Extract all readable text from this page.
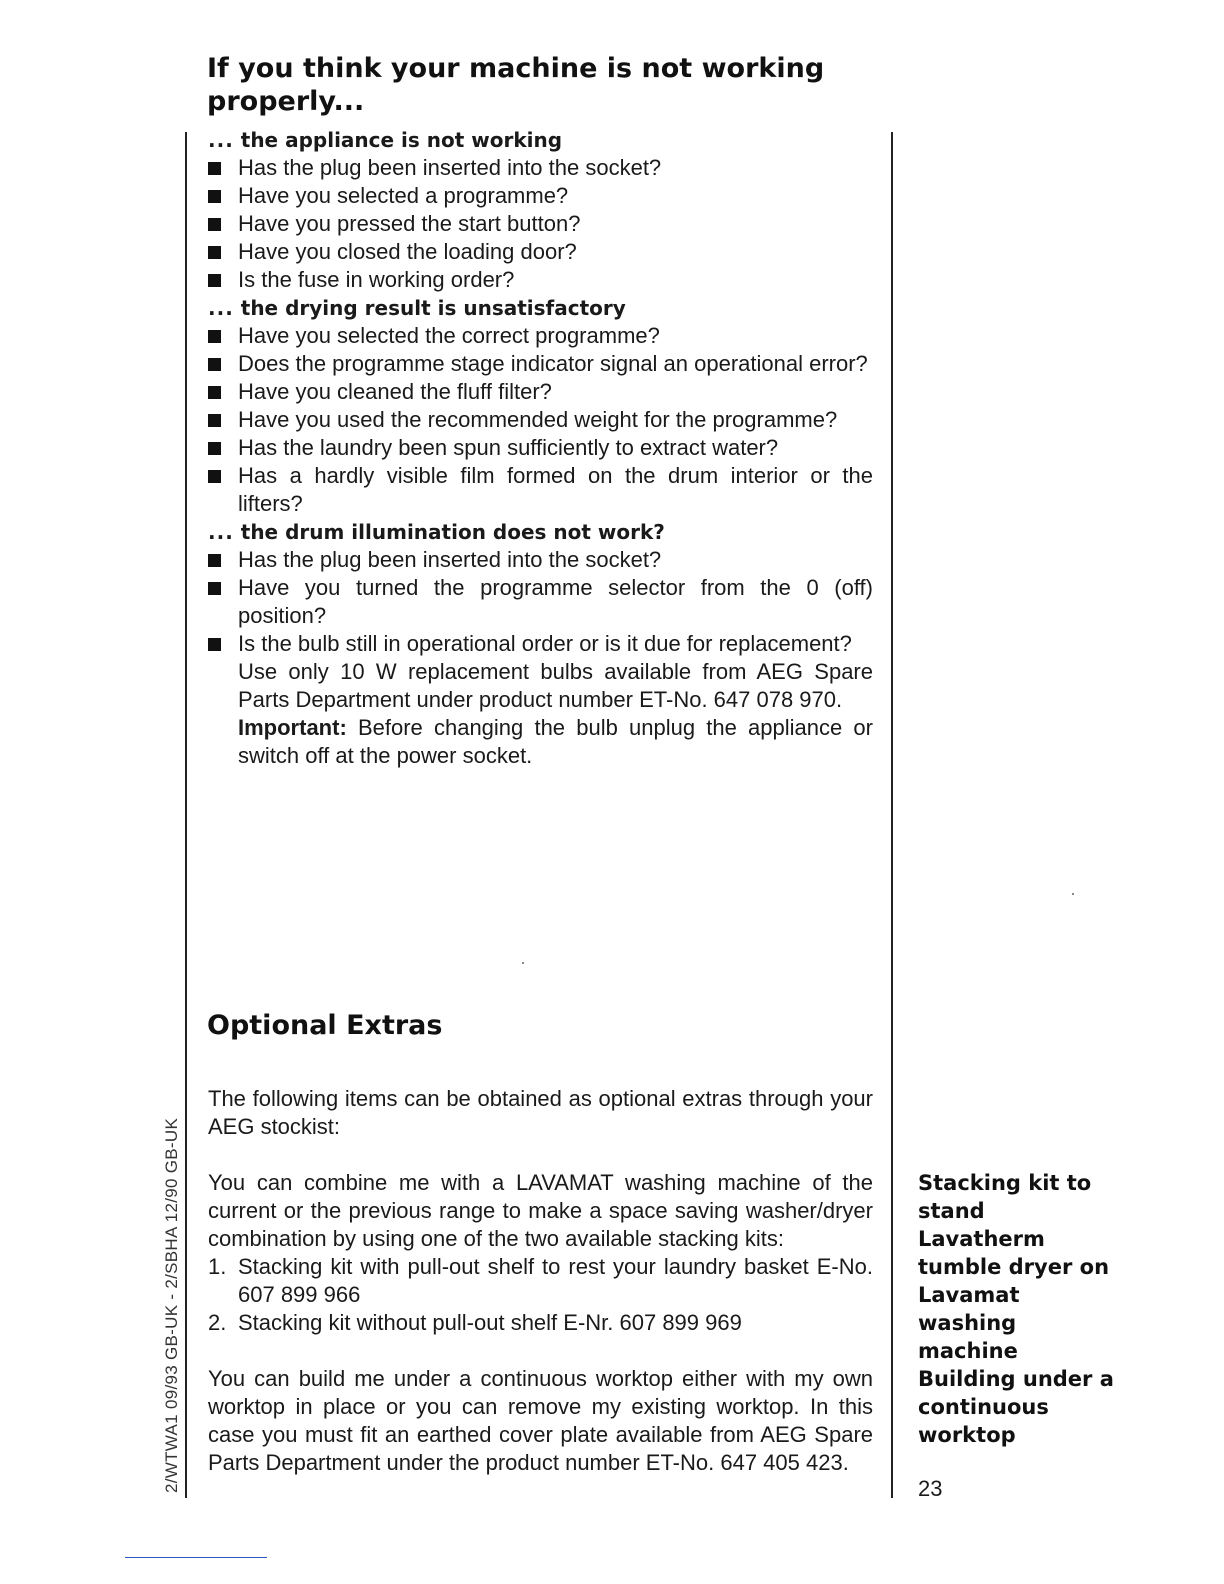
If you think your machine is not working properly...
... the appliance is not working
Has the plug been inserted into the socket?
Have you selected a programme?
Have you pressed the start button?
Have you closed the loading door?
Is the fuse in working order?
... the drying result is unsatisfactory
Have you selected the correct programme?
Does the programme stage indicator signal an operational error?
Have you cleaned the fluff filter?
Have you used the recommended weight for the programme?
Has the laundry been spun sufficiently to extract water?
Has a hardly visible film formed on the drum interior or the lifters?
... the drum illumination does not work?
Has the plug been inserted into the socket?
Have you turned the programme selector from the 0 (off) position?
Is the bulb still in operational order or is it due for replacement?
Use only 10 W replacement bulbs available from AEG Spare Parts Department under product number ET-No. 647 078 970.
Important: Before changing the bulb unplug the appliance or switch off at the power socket.
Optional Extras
The following items can be obtained as optional extras through your AEG stockist:
You can combine me with a LAVAMAT washing machine of the current or the previous range to make a space saving washer/dryer combination by using one of the two available stacking kits:
1. Stacking kit with pull-out shelf to rest your laundry basket E-No. 607 899 966
2. Stacking kit without pull-out shelf E-Nr. 607 899 969
You can build me under a continuous worktop either with my own worktop in place or you can remove my existing worktop. In this case you must fit an earthed cover plate available from AEG Spare Parts Department under the product number ET-No. 647 405 423.
Stacking kit to stand Lavatherm tumble dryer on Lavamat washing machine
Building under a continuous worktop
23
2/WTWA1 09/93 GB-UK - 2/SBHA 12/90 GB-UK
